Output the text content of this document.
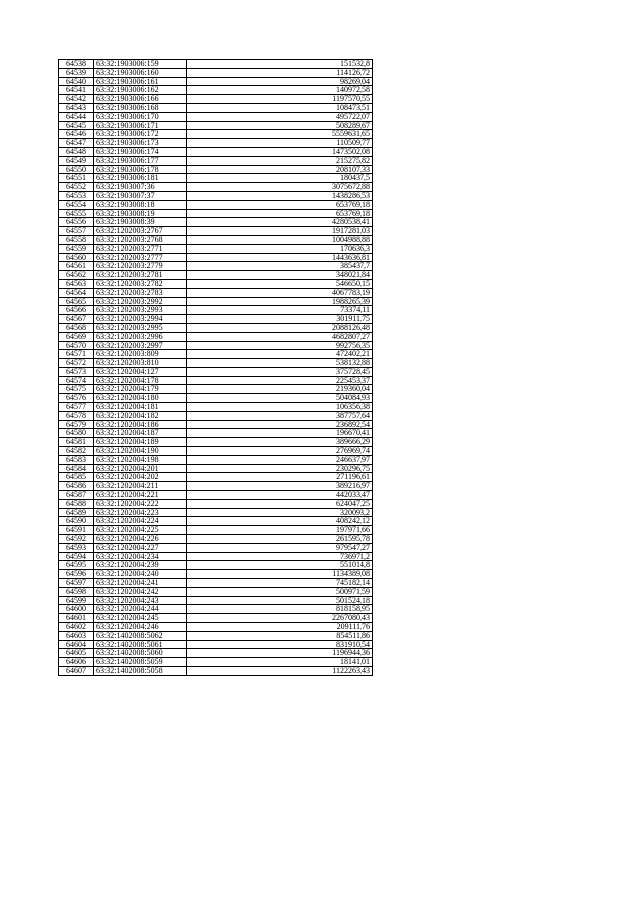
64538	63:32:1903006:159	151532,8
64539	63:32:1903006:160	114126,72
64540	63:32:1903006:161	98269,04
64541	63:32:1903006:162	140972,58
64542	63:32:1903006:166	1197570,55
64543	63:32:1903006:168	108473,51
64544	63:32:1903006:170	495722,07
64545	63:32:1903006:171	508289,67
64546	63:32:1903006:172	5559631,65
64547	63:32:1903006:173	110509,77
64548	63:32:1903006:174	1473502,08
64549	63:32:1903006:177	215275,82
64550	63:32:1903006:178	208107,33
64551	63:32:1903006:181	180437,5
64552	63:32:1903007:36	3075672,88
64553	63:32:1903007:37	1438286,53
64554	63:32:1903008:18	653769,18
64555	63:32:1903008:19	653769,18
64556	63:32:1903008:39	4280538,41
64557	63:32:1202003:2767	1917281,03
64558	63:32:1202003:2768	1004988,88
64559	63:32:1202003:2771	170636,3
64560	63:32:1202003:2777	1443636,81
64561	63:32:1202003:2779	385437,7
64562	63:32:1202003:2781	348021,84
64563	63:32:1202003:2782	546650,15
64564	63:32:1202003:2783	4067783,19
64565	63:32:1202003:2992	1988265,39
64566	63:32:1202003:2993	73374,11
64567	63:32:1202003:2994	301911,75
64568	63:32:1202003:2995	2088126,48
64569	63:32:1202003:2996	4682807,27
64570	63:32:1202003:2997	992756,35
64571	63:32:1202003:809	472402,21
64572	63:32:1202003:810	538132,88
64573	63:32:1202004:127	375728,45
64574	63:32:1202004:178	225453,37
64575	63:32:1202004:179	219360,04
64576	63:32:1202004:180	504084,93
64577	63:32:1202004:181	106356,38
64578	63:32:1202004:182	387757,64
64579	63:32:1202004:186	236892,54
64580	63:32:1202004:187	196670,41
64581	63:32:1202004:189	389666,29
64582	63:32:1202004:190	276969,74
64583	63:32:1202004:198	246637,97
64584	63:32:1202004:201	230296,75
64585	63:32:1202004:202	271196,61
64586	63:32:1202004:211	389216,97
64587	63:32:1202004:221	442033,47
64588	63:32:1202004:222	624047,25
64589	63:32:1202004:223	320093,2
64590	63:32:1202004:224	408242,12
64591	63:32:1202004:225	197971,66
64592	63:32:1202004:226	261595,78
64593	63:32:1202004:227	979547,27
64594	63:32:1202004:234	736971,2
64595	63:32:1202004:239	551014,8
64596	63:32:1202004:240	1134389,08
64597	63:32:1202004:241	745182,14
64598	63:32:1202004:242	500971,59
64599	63:32:1202004:243	501524,18
64600	63:32:1202004:244	818158,95
64601	63:32:1202004:245	2267080,43
64602	63:32:1202004:246	209111,76
64603	63:32:1402008:5062	854511,86
64604	63:32:1402008:5061	831910,54
64605	63:32:1402008:5060	1196944,36
64606	63:32:1402008:5059	18141,01
64607	63:32:1402008:5058	1122263,43
